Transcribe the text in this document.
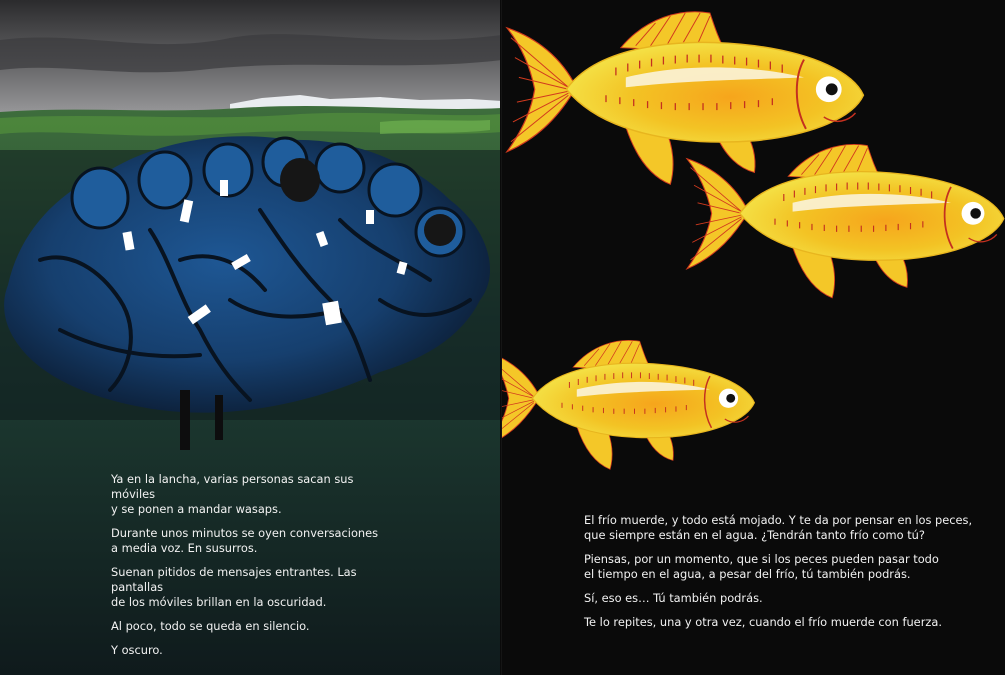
Ya en la lancha, varias personas sacan sus móviles
y se ponen a mandar wasaps.

Durante unos minutos se oyen conversaciones
a media voz. En susurros.

Suenan pitidos de mensajes entrantes. Las pantallas
de los móviles brillan en la oscuridad.

Al poco, todo se queda en silencio.

Y oscuro.

El frío muerde, y todo está mojado. Y te da por pensar en los peces,
que siempre están en el agua. ¿Tendrán tanto frío como tú?

Piensas, por un momento, que si los peces pueden pasar todo
el tiempo en el agua, a pesar del frío, tú también podrás.

Sí, eso es… Tú también podrás.

Te lo repites, una y otra vez, cuando el frío muerde con fuerza.
